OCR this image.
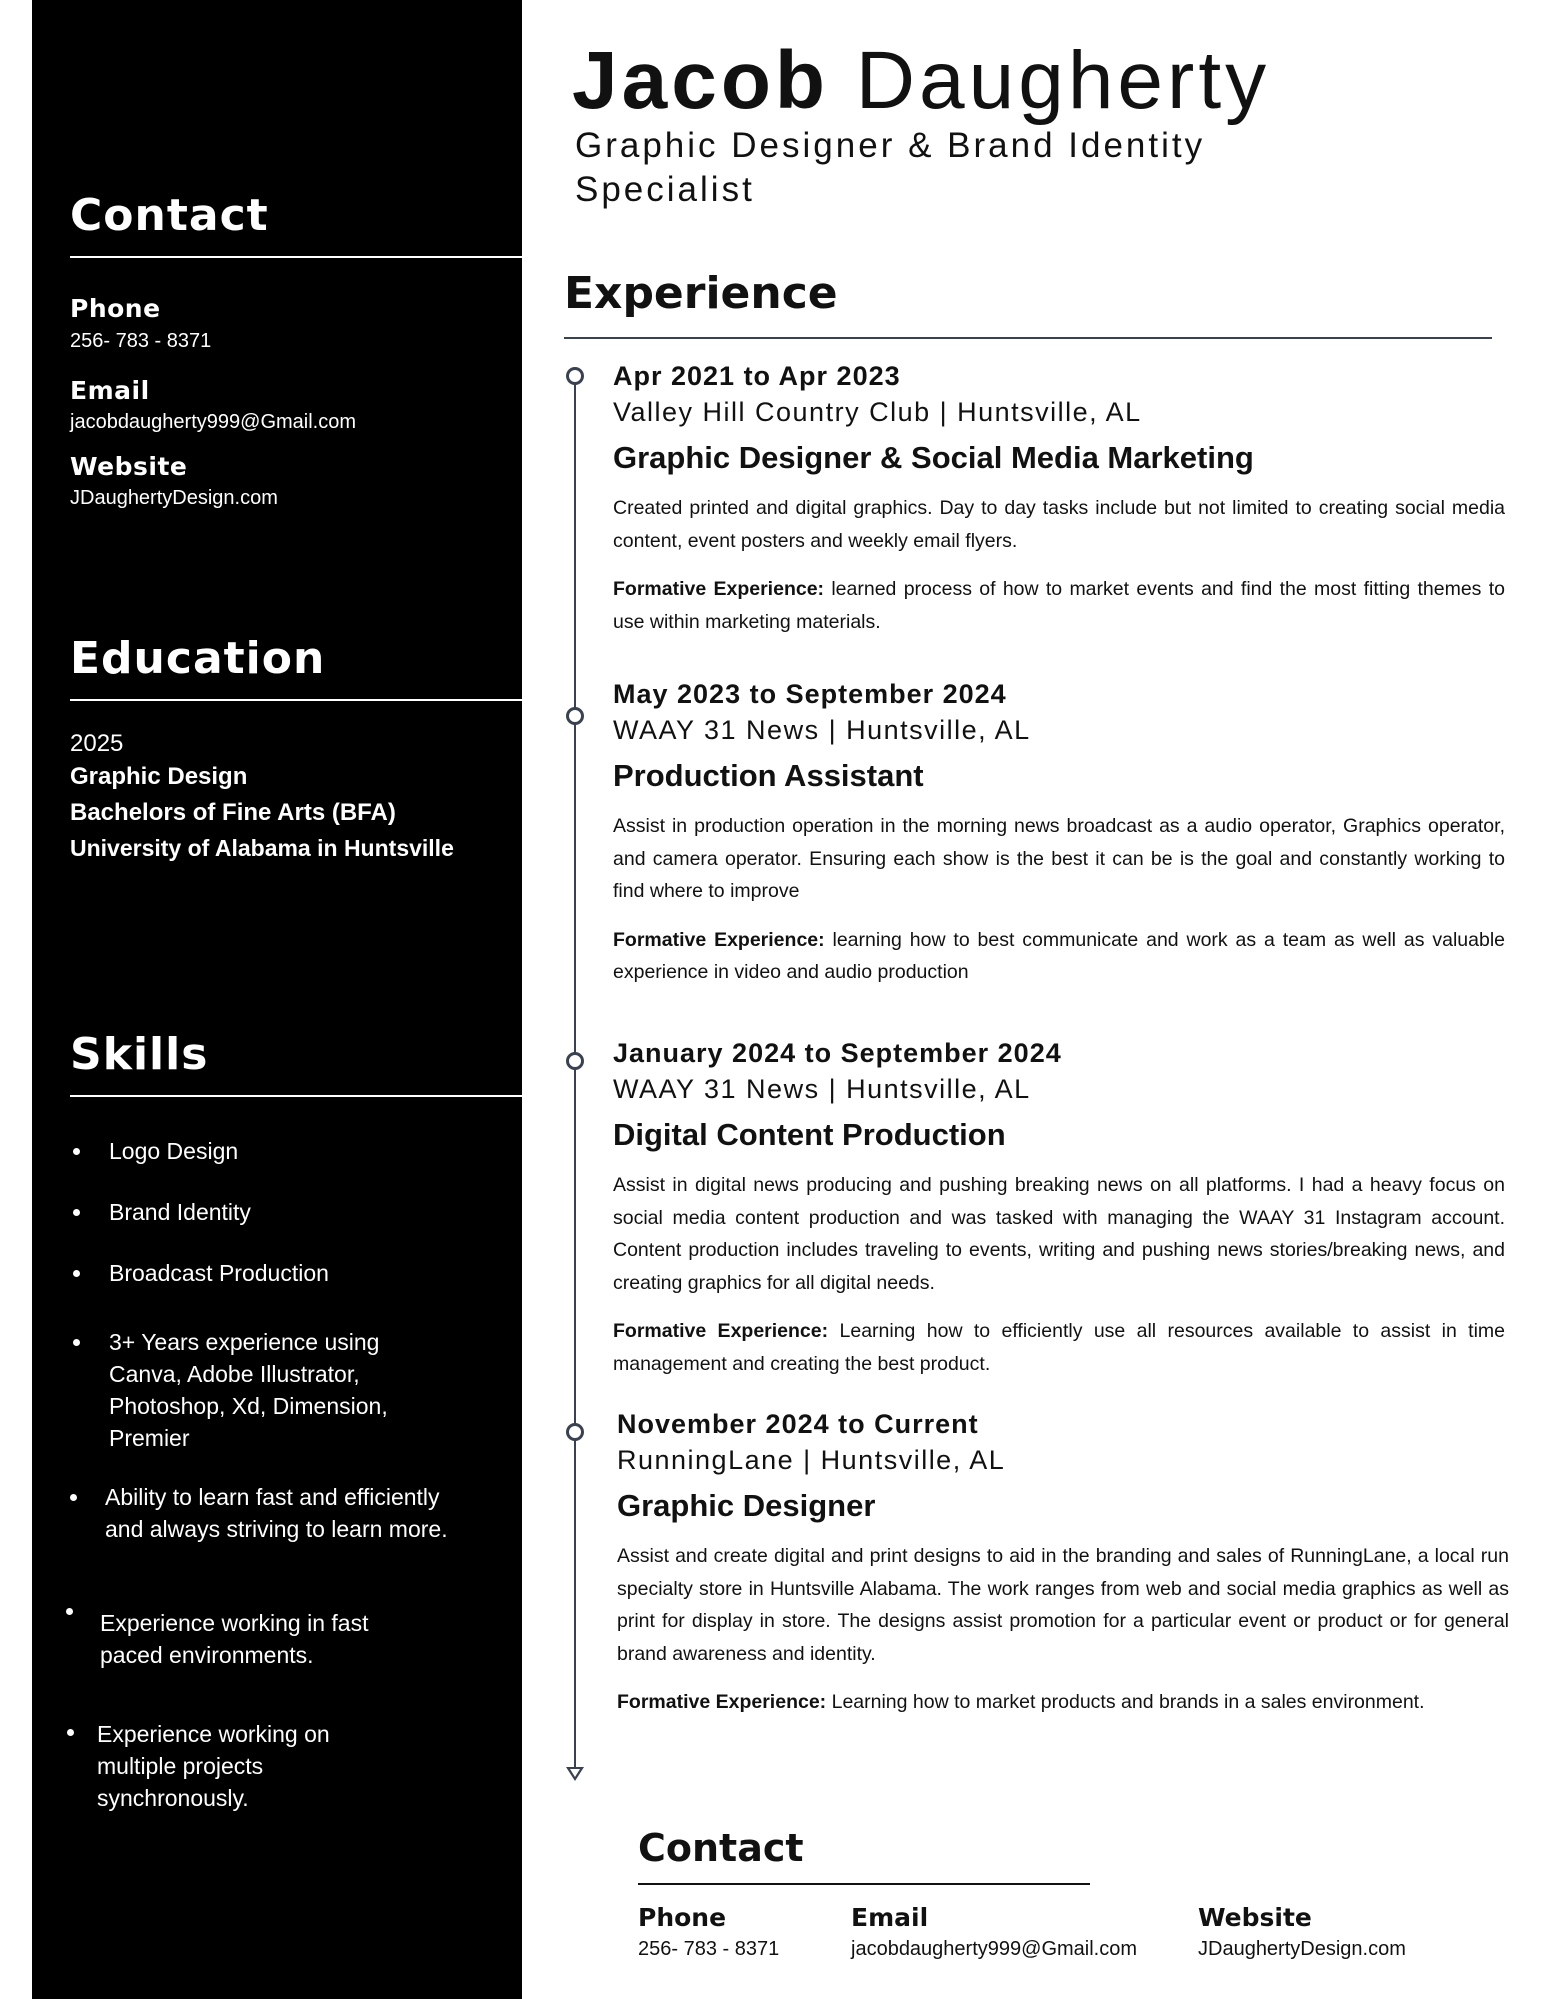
Contact
Phone
256- 783 - 8371
Email
jacobdaugherty999@Gmail.com
Website
JDaughertyDesign.com
Education
2025
Graphic Design
Bachelors of Fine Arts (BFA)
University of Alabama in Huntsville
Skills
Logo Design
Brand Identity
Broadcast Production
3+ Years experience using Canva, Adobe Illustrator, Photoshop, Xd, Dimension, Premier
Ability to learn fast and efficiently and always striving to learn more.
Experience working in fast paced environments.
Experience working on multiple projects synchronously.
Jacob Daugherty
Graphic Designer & Brand Identity Specialist
Experience
Apr 2021 to Apr 2023
Valley Hill Country Club | Huntsville, AL
Graphic Designer & Social Media Marketing
Created printed and digital graphics. Day to day tasks include but not limited to creating social media content, event posters and weekly email flyers.
Formative Experience: learned process of how to market events and find the most fitting themes to use within marketing materials.
May 2023 to September 2024
WAAY 31 News | Huntsville, AL
Production Assistant
Assist in production operation in the morning news broadcast as a audio operator, Graphics operator, and camera operator. Ensuring each show is the best it can be is the goal and constantly working to find where to improve
Formative Experience: learning how to best communicate and work as a team as well as valuable experience in video and audio production
January 2024 to September 2024
WAAY 31 News | Huntsville, AL
Digital Content Production
Assist in digital news producing and pushing breaking news on all platforms. I had a heavy focus on social media content production and was tasked with managing the WAAY 31 Instagram account. Content production includes traveling to events, writing and pushing news stories/breaking news, and creating graphics for all digital needs.
Formative Experience: Learning how to efficiently use all resources available to assist in time management and creating the best product.
November 2024 to Current
RunningLane | Huntsville, AL
Graphic Designer
Assist and create digital and print designs to aid in the branding and sales of RunningLane, a local run specialty store in Huntsville Alabama. The work ranges from web and social media graphics as well as print for display in store. The designs assist promotion for a particular event or product or for general brand awareness and identity.
Formative Experience: Learning how to market products and brands in a sales environment.
Contact
Phone
256- 783 - 8371
Email
jacobdaugherty999@Gmail.com
Website
JDaughertyDesign.com
